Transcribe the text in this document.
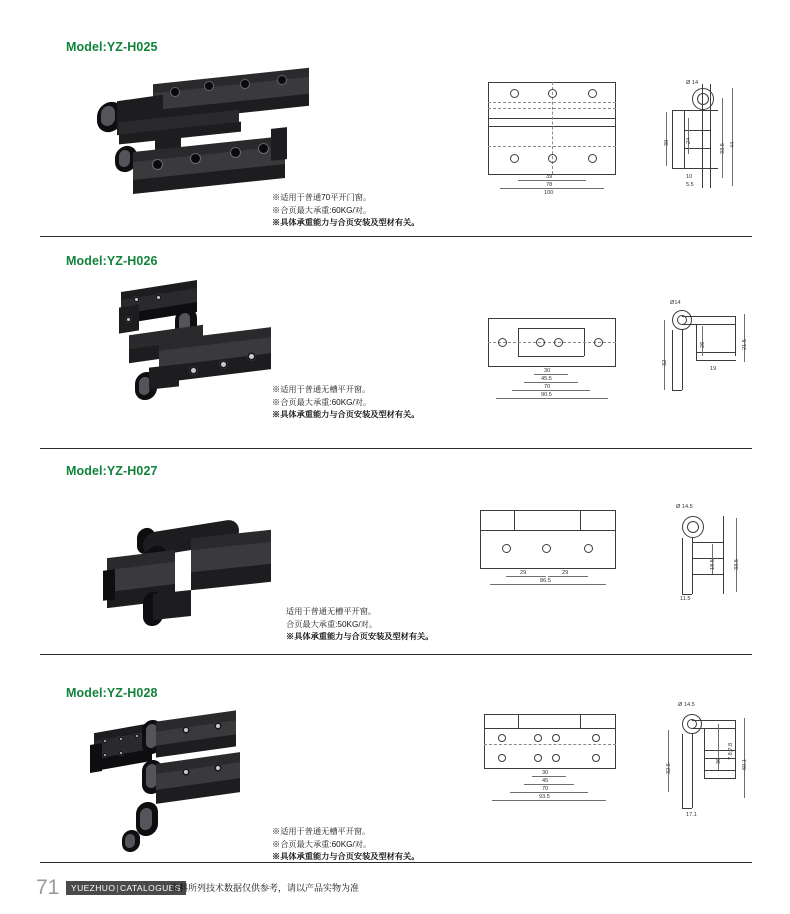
Model:YZ-H025
※适用于普通70平开门窗。
※合页最大承重:60KG/对。
※具体承重能力与合页安装及型材有关。
39
78
100
Ø 14
39	24
33.5 44
10
5.5
Model:YZ-H026
※适用于普通无槽平开窗。
※合页最大承重:60KG/对。
※具体承重能力与合页安装及型材有关。
30
45.5
70
90.5
Ø14
32
26	21.5
19
Model:YZ-H027
适用于普通无槽平开窗。
合页最大承重:50KG/对。
※具体承重能力与合页安装及型材有关。
29	29
86.5
Ø 14.5
33.5
18.5
11.5
Model:YZ-H028
※适用于普通无槽平开窗。
※合页最大承重:60KG/对。
※具体承重能力与合页安装及型材有关。
30
45
70
93.5
Ø 14.5
32.5
36	60.1
7.8;7.8
17.1
71	YUEZHUO|CATALOGUES
资料所列技术数据仅供参考，请以产品实物为准
